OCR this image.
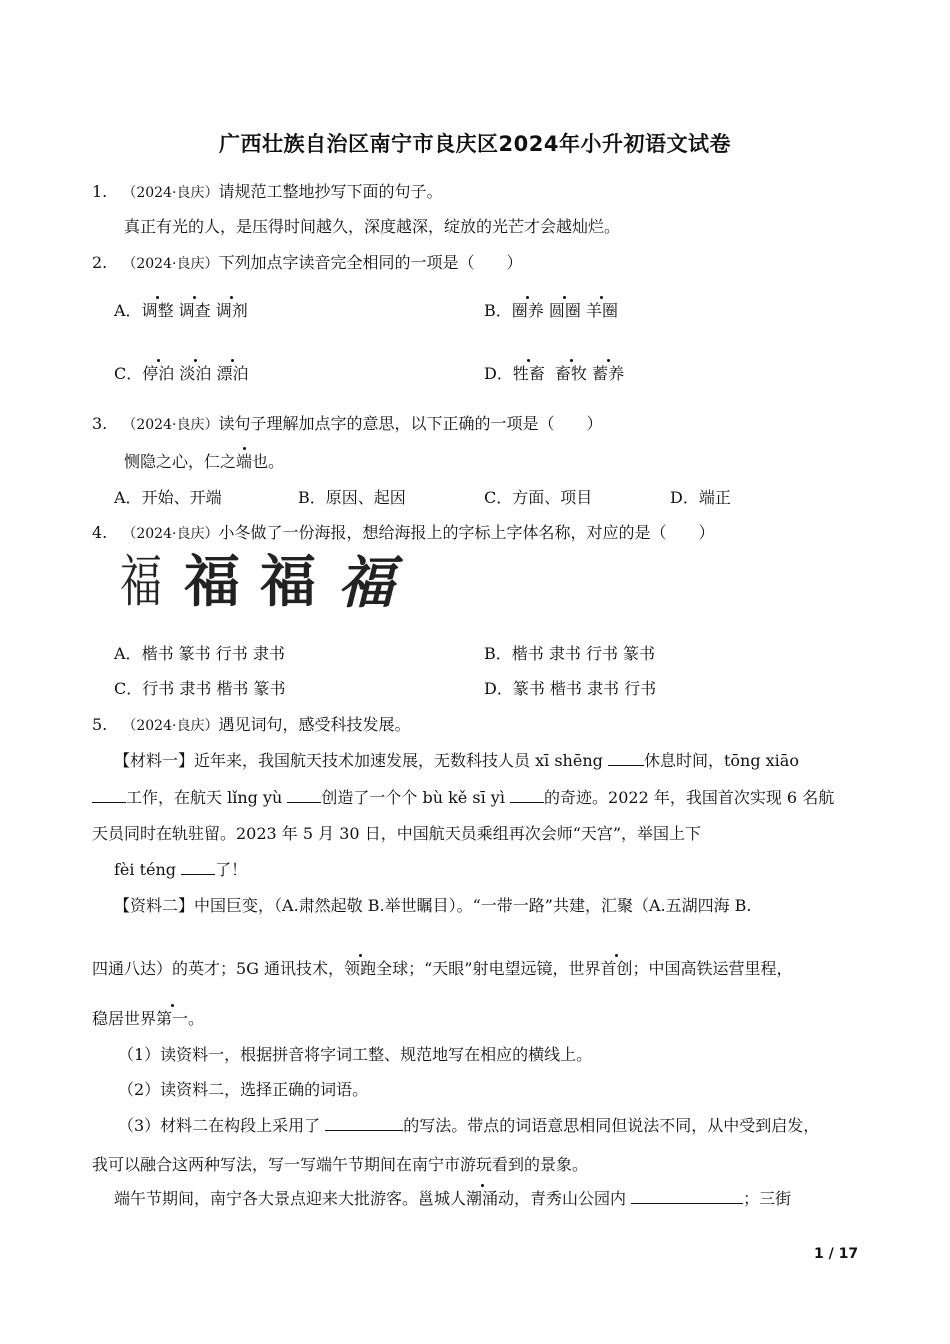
广西壮族自治区南宁市良庆区2024年小升初语文试卷
1. （2024·良庆）请规范工整地抄写下面的句子。
真正有光的人，是压得时间越久，深度越深，绽放的光芒才会越灿烂。
2. （2024·良庆）下列加点字读音完全相同的一项是（　　）
A．调整 调查 调剂	B．圈养 圆圈 羊圈
C．停泊 淡泊 漂泊	D．牲畜 畜牧 蓄养
3. （2024·良庆）读句子理解加点字的意思，以下正确的一项是（　　）
恻隐之心，仁之端也。
A．开始、开端	B．原因、起因	C．方面、项目	D．端正
4. （2024·良庆）小冬做了一份海报，想给海报上的字标上字体名称，对应的是（　　）
福 福 福 福
A．楷书 篆书 行书 隶书	B．楷书 隶书 行书 篆书
C．行书 隶书 楷书 篆书	D．篆书 楷书 隶书 行书
5. （2024·良庆）遇见词句，感受科技发展。
【材料一】近年来，我国航天技术加速发展，无数科技人员 xī shēng 休息时间，tōng xiāo
工作，在航天 lǐng yù 创造了一个个 bù kě sī yì 的奇迹。2022 年，我国首次实现 6 名航
天员同时在轨驻留。2023 年 5 月 30 日，中国航天员乘组再次会师“天宫”，举国上下
fèi téng 了！
【资料二】中国巨变，（A.肃然起敬 B.举世瞩目）。“一带一路”共建，汇聚（A.五湖四海 B.
四通八达）的英才；5G 通讯技术，领跑全球；“天眼”射电望远镜，世界首创；中国高铁运营里程，
稳居世界第一。
（1）读资料一，根据拼音将字词工整、规范地写在相应的横线上。
（2）读资料二，选择正确的词语。
（3）材料二在构段上采用了	的写法。带点的词语意思相同但说法不同，从中受到启发，
我可以融合这两种写法，写一写端午节期间在南宁市游玩看到的景象。
端午节期间，南宁各大景点迎来大批游客。邕城人潮涌动，青秀山公园内	；三街
1 / 17
